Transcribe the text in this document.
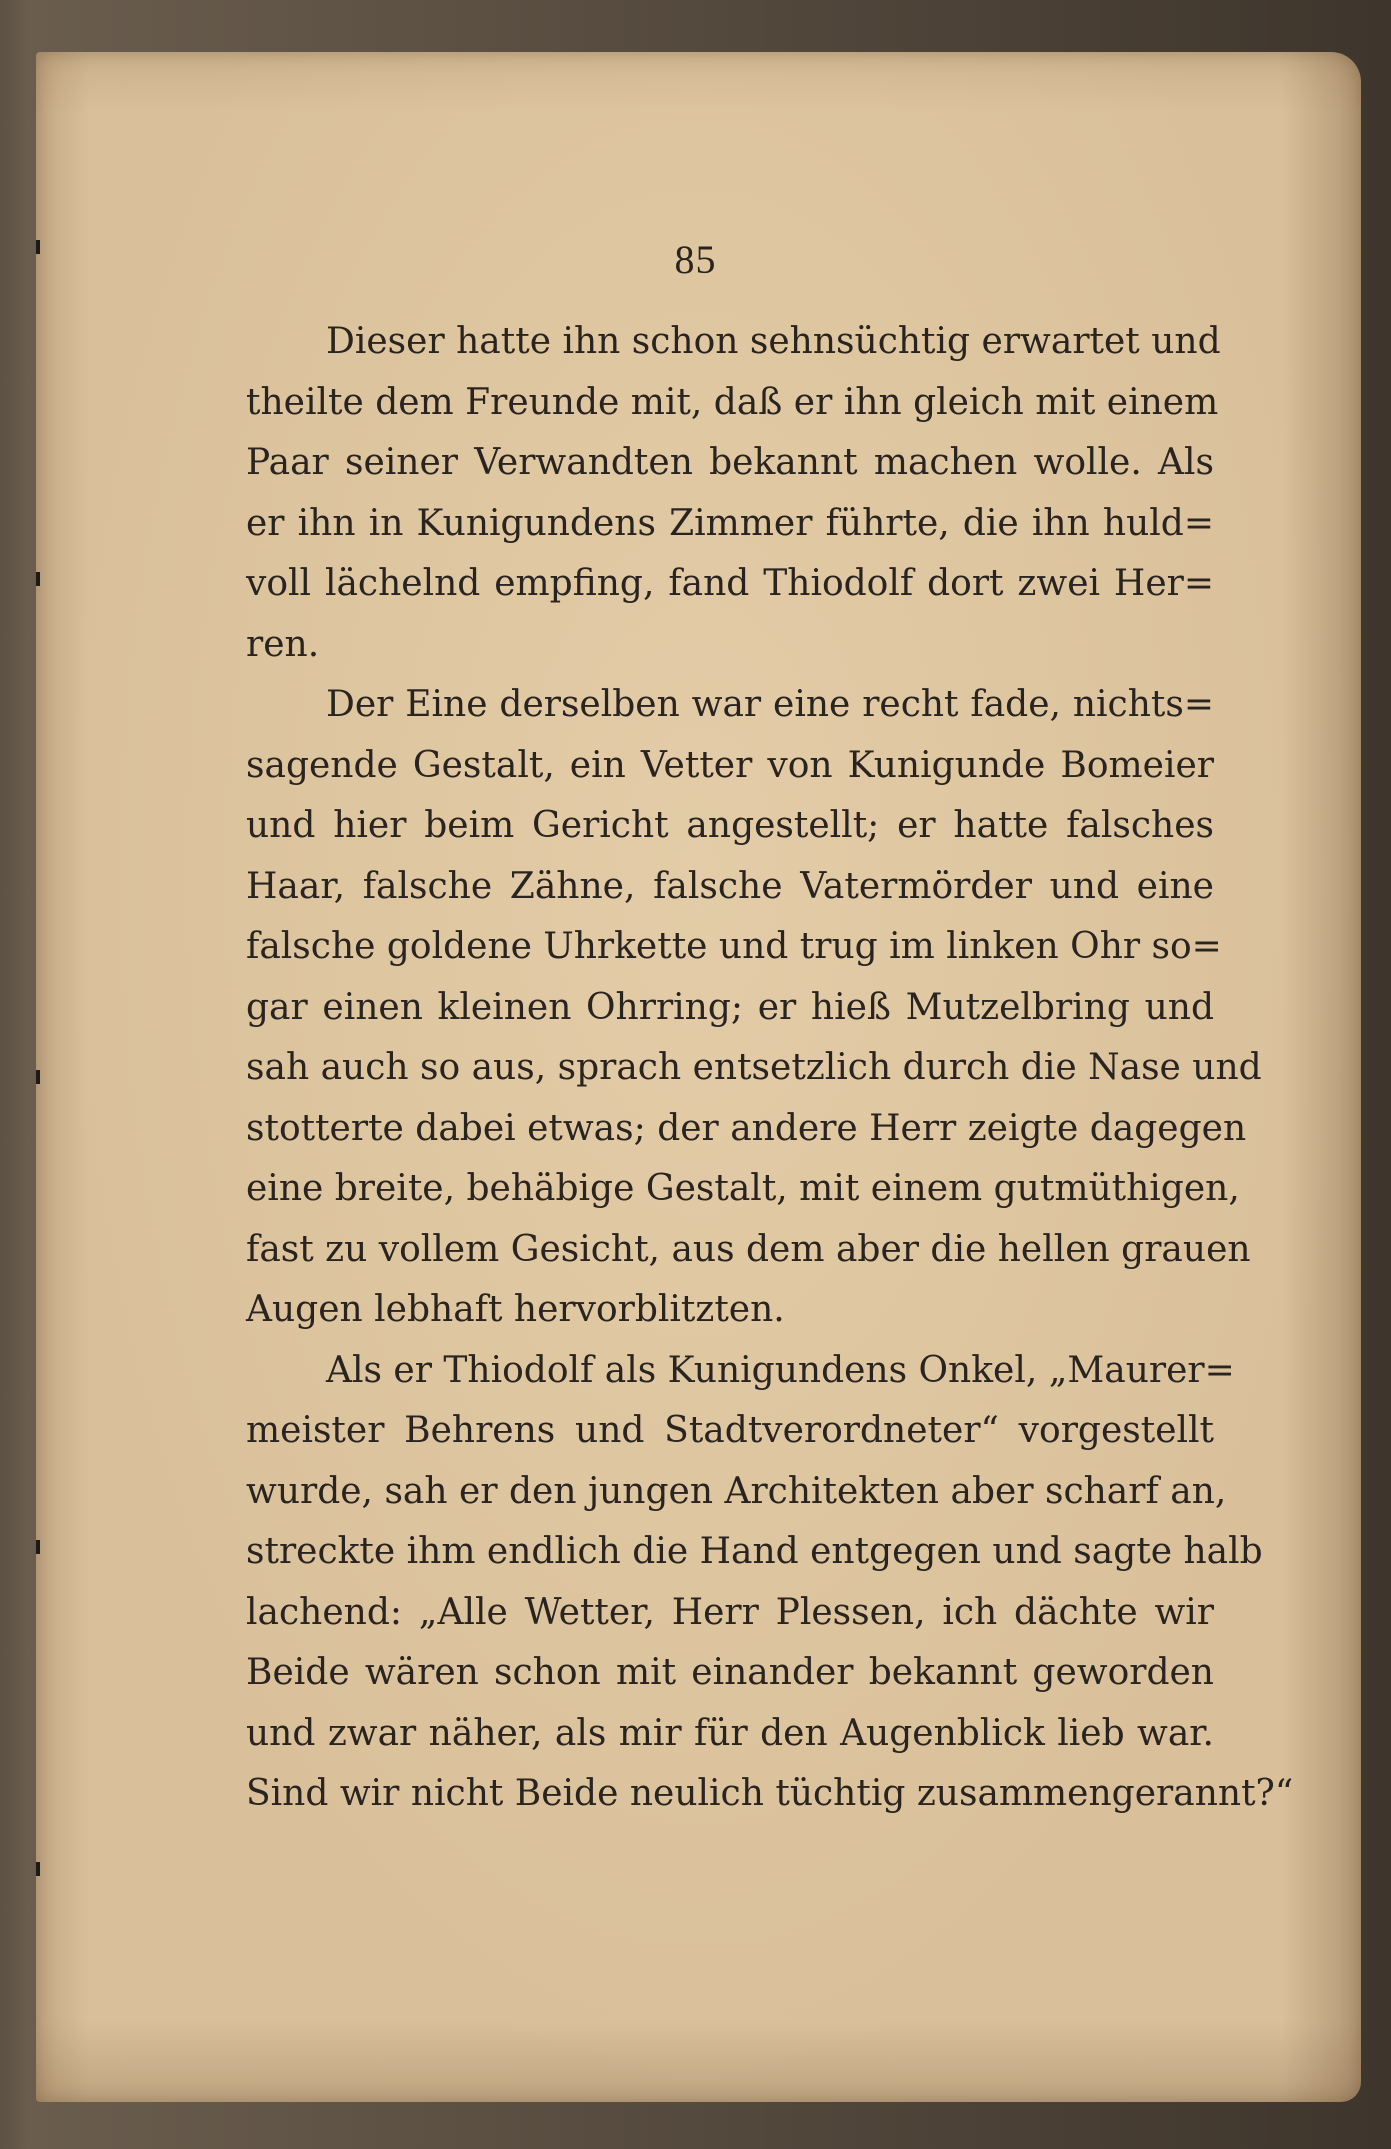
85
Dieser hatte ihn schon sehnsüchtig erwartet und
theilte dem Freunde mit, daß er ihn gleich mit einem
Paar seiner Verwandten bekannt machen wolle. Als
er ihn in Kunigundens Zimmer führte, die ihn huld=
voll lächelnd empfing, fand Thiodolf dort zwei Her=
ren.
Der Eine derselben war eine recht fade, nichts=
sagende Gestalt, ein Vetter von Kunigunde Bomeier
und hier beim Gericht angestellt; er hatte falsches
Haar, falsche Zähne, falsche Vatermörder und eine
falsche goldene Uhrkette und trug im linken Ohr so=
gar einen kleinen Ohrring; er hieß Mutzelbring und
sah auch so aus, sprach entsetzlich durch die Nase und
stotterte dabei etwas; der andere Herr zeigte dagegen
eine breite, behäbige Gestalt, mit einem gutmüthigen,
fast zu vollem Gesicht, aus dem aber die hellen grauen
Augen lebhaft hervorblitzten.
Als er Thiodolf als Kunigundens Onkel, „Maurer=
meister Behrens und Stadtverordneter“ vorgestellt
wurde, sah er den jungen Architekten aber scharf an,
streckte ihm endlich die Hand entgegen und sagte halb
lachend: „Alle Wetter, Herr Plessen, ich dächte wir
Beide wären schon mit einander bekannt geworden
und zwar näher, als mir für den Augenblick lieb war.
Sind wir nicht Beide neulich tüchtig zusammengerannt?“
